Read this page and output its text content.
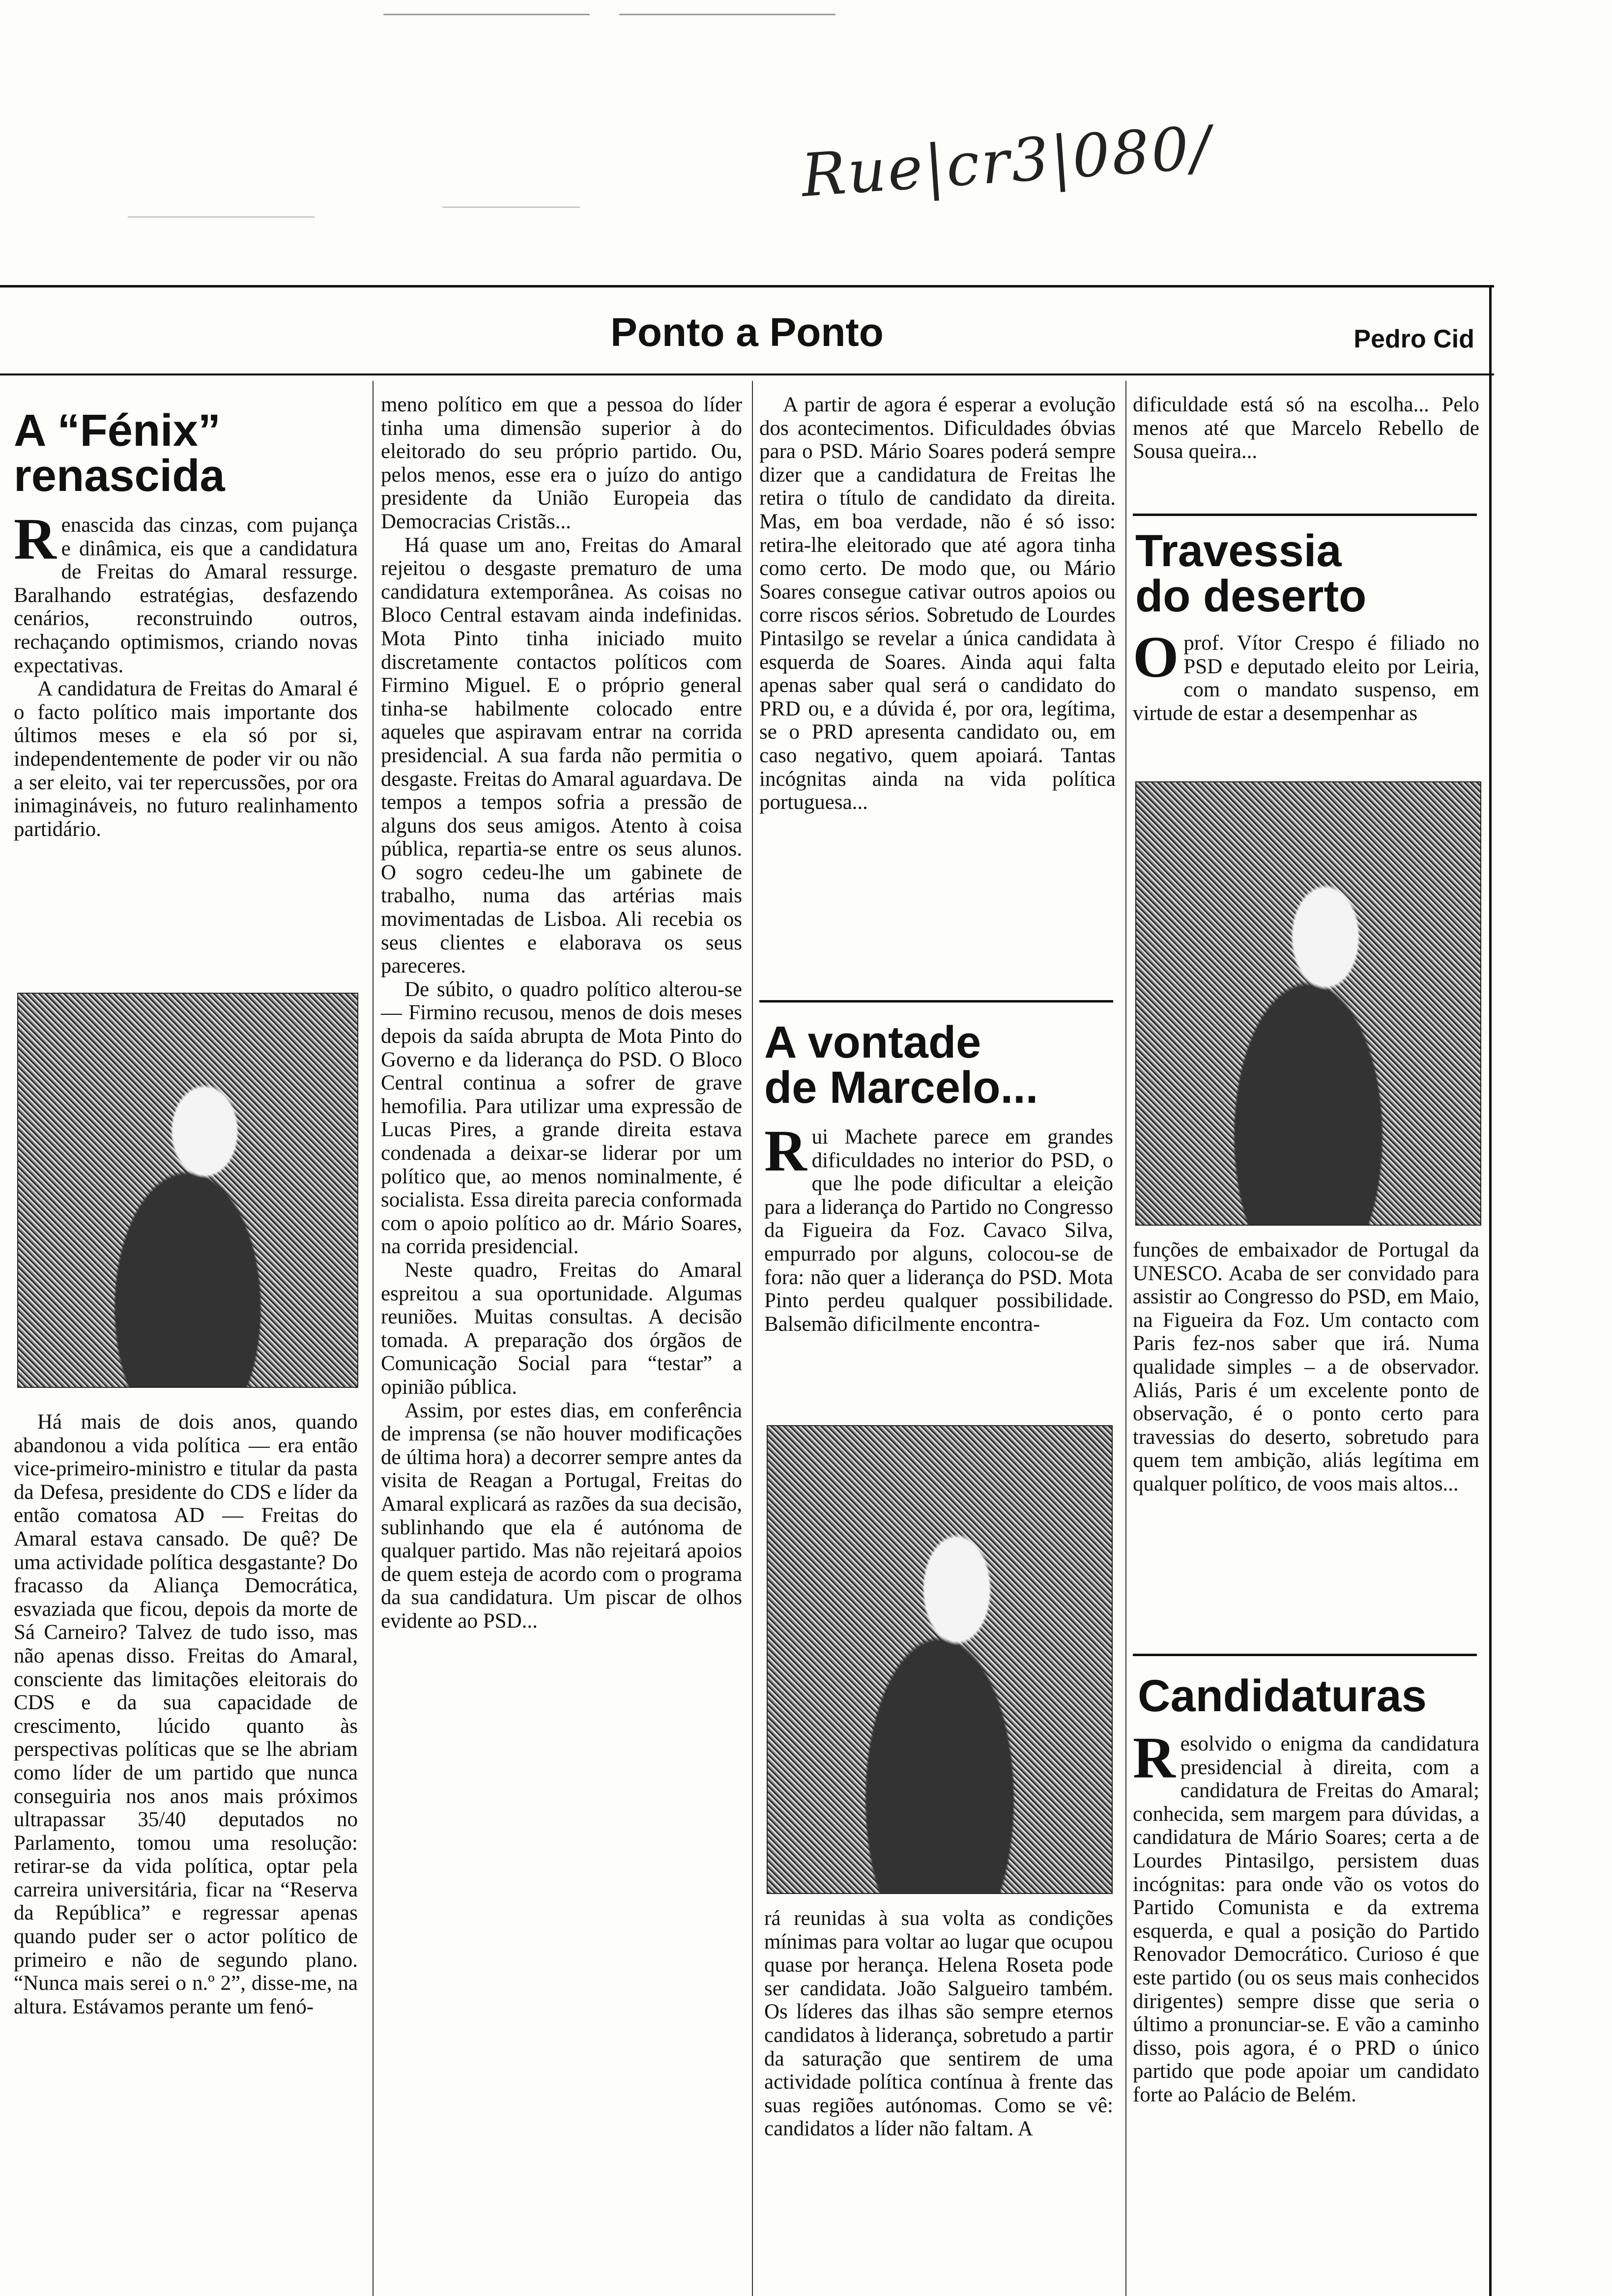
Rue|cr3|080/
Ponto a Ponto	Pedro Cid
A “Fénix”
renascida

Renascida das cinzas, com pujança e dinâmica, eis que a candidatura de Freitas do Amaral ressurge. Baralhando estratégias, desfazendo cenários, reconstruindo outros, rechaçando optimismos, criando novas expectativas.

A candidatura de Freitas do Amaral é o facto político mais importante dos últimos meses e ela só por si, independentemente de poder vir ou não a ser eleito, vai ter repercussões, por ora inimagináveis, no futuro realinhamento partidário.

Há mais de dois anos, quando abandonou a vida política — era então vice-primeiro-ministro e titular da pasta da Defesa, presidente do CDS e líder da então comatosa AD — Freitas do Amaral estava cansado. De quê? De uma actividade política desgastante? Do fracasso da Aliança Democrática, esvaziada que ficou, depois da morte de Sá Carneiro? Talvez de tudo isso, mas não apenas disso. Freitas do Amaral, consciente das limitações eleitorais do CDS e da sua capacidade de crescimento, lúcido quanto às perspectivas políticas que se lhe abriam como líder de um partido que nunca conseguiria nos anos mais próximos ultrapassar 35/40 deputados no Parlamento, tomou uma resolução: retirar-se da vida política, optar pela carreira universitária, ficar na “Reserva da República” e regressar apenas quando puder ser o actor político de primeiro e não de segundo plano. “Nunca mais serei o n.º 2”, disse-me, na altura. Estávamos perante um fenó-

meno político em que a pessoa do líder tinha uma dimensão superior à do eleitorado do seu próprio partido. Ou, pelos menos, esse era o juízo do antigo presidente da União Europeia das Democracias Cristãs...

Há quase um ano, Freitas do Amaral rejeitou o desgaste prematuro de uma candidatura extemporânea. As coisas no Bloco Central estavam ainda indefinidas. Mota Pinto tinha iniciado muito discretamente contactos políticos com Firmino Miguel. E o próprio general tinha-se habilmente colocado entre aqueles que aspiravam entrar na corrida presidencial. A sua farda não permitia o desgaste. Freitas do Amaral aguardava. De tempos a tempos sofria a pressão de alguns dos seus amigos. Atento à coisa pública, repartia-se entre os seus alunos. O sogro cedeu-lhe um gabinete de trabalho, numa das artérias mais movimentadas de Lisboa. Ali recebia os seus clientes e elaborava os seus pareceres.

De súbito, o quadro político alterou-se — Firmino recusou, menos de dois meses depois da saída abrupta de Mota Pinto do Governo e da liderança do PSD. O Bloco Central continua a sofrer de grave hemofilia. Para utilizar uma expressão de Lucas Pires, a grande direita estava condenada a deixar-se liderar por um político que, ao menos nominalmente, é socialista. Essa direita parecia conformada com o apoio político ao dr. Mário Soares, na corrida presidencial.

Neste quadro, Freitas do Amaral espreitou a sua oportunidade. Algumas reuniões. Muitas consultas. A decisão tomada. A preparação dos órgãos de Comunicação Social para “testar” a opinião pública.

Assim, por estes dias, em conferência de imprensa (se não houver modificações de última hora) a decorrer sempre antes da visita de Reagan a Portugal, Freitas do Amaral explicará as razões da sua decisão, sublinhando que ela é autónoma de qualquer partido. Mas não rejeitará apoios de quem esteja de acordo com o programa da sua candidatura. Um piscar de olhos evidente ao PSD...

A partir de agora é esperar a evolução dos acontecimentos. Dificuldades óbvias para o PSD. Mário Soares poderá sempre dizer que a candidatura de Freitas lhe retira o título de candidato da direita. Mas, em boa verdade, não é só isso: retira-lhe eleitorado que até agora tinha como certo. De modo que, ou Mário Soares consegue cativar outros apoios ou corre riscos sérios. Sobretudo de Lourdes Pintasilgo se revelar a única candidata à esquerda de Soares. Ainda aqui falta apenas saber qual será o candidato do PRD ou, e a dúvida é, por ora, legítima, se o PRD apresenta candidato ou, em caso negativo, quem apoiará. Tantas incógnitas ainda na vida política portuguesa...

A vontade
de Marcelo...

Rui Machete parece em grandes dificuldades no interior do PSD, o que lhe pode dificultar a eleição para a liderança do Partido no Congresso da Figueira da Foz. Cavaco Silva, empurrado por alguns, colocou-se de fora: não quer a liderança do PSD. Mota Pinto perdeu qualquer possibilidade. Balsemão dificilmente encontra-

rá reunidas à sua volta as condições mínimas para voltar ao lugar que ocupou quase por herança. Helena Roseta pode ser candidata. João Salgueiro também. Os líderes das ilhas são sempre eternos candidatos à liderança, sobretudo a partir da saturação que sentirem de uma actividade política contínua à frente das suas regiões autónomas. Como se vê: candidatos a líder não faltam. A

dificuldade está só na escolha... Pelo menos até que Marcelo Rebello de Sousa queira...

Travessia
do deserto

Oprof. Vítor Crespo é filiado no PSD e deputado eleito por Leiria, com o mandato suspenso, em virtude de estar a desempenhar as

funções de embaixador de Portugal da UNESCO. Acaba de ser convidado para assistir ao Congresso do PSD, em Maio, na Figueira da Foz. Um contacto com Paris fez-nos saber que irá. Numa qualidade simples – a de observador. Aliás, Paris é um excelente ponto de observação, é o ponto certo para travessias do deserto, sobretudo para quem tem ambição, aliás legítima em qualquer político, de voos mais altos...

Candidaturas

Resolvido o enigma da candidatura presidencial à direita, com a candidatura de Freitas do Amaral; conhecida, sem margem para dúvidas, a candidatura de Mário Soares; certa a de Lourdes Pintasilgo, persistem duas incógnitas: para onde vão os votos do Partido Comunista e da extrema esquerda, e qual a posição do Partido Renovador Democrático. Curioso é que este partido (ou os seus mais conhecidos dirigentes) sempre disse que seria o último a pronunciar-se. E vão a caminho disso, pois agora, é o PRD o único partido que pode apoiar um candidato forte ao Palácio de Belém.
